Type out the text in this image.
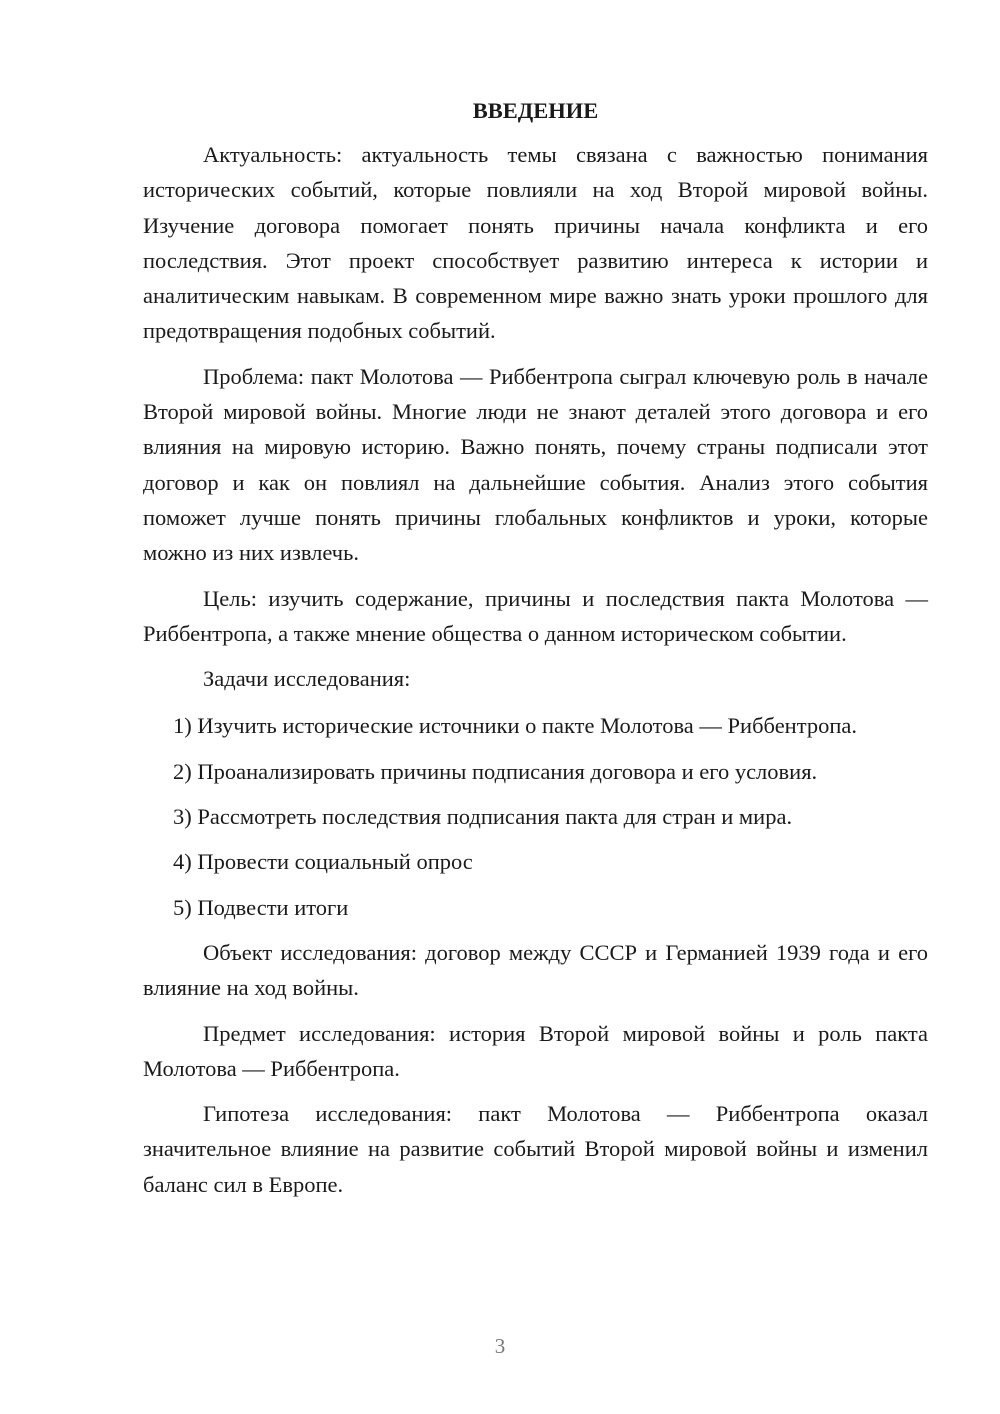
ВВЕДЕНИЕ

Актуальность: актуальность темы связана с важностью понимания исторических событий, которые повлияли на ход Второй мировой войны. Изучение договора помогает понять причины начала конфликта и его последствия. Этот проект способствует развитию интереса к истории и аналитическим навыкам. В современном мире важно знать уроки прошлого для предотвращения подобных событий.

Проблема: пакт Молотова — Риббентропа сыграл ключевую роль в начале Второй мировой войны. Многие люди не знают деталей этого договора и его влияния на мировую историю. Важно понять, почему страны подписали этот договор и как он повлиял на дальнейшие события. Анализ этого события поможет лучше понять причины глобальных конфликтов и уроки, которые можно из них извлечь.

Цель: изучить содержание, причины и последствия пакта Молотова — Риббентропа, а также мнение общества о данном историческом событии.

Задачи исследования:

1) Изучить исторические источники о пакте Молотова — Риббентропа.

2) Проанализировать причины подписания договора и его условия.

3) Рассмотреть последствия подписания пакта для стран и мира.

4) Провести социальный опрос

5) Подвести итоги

Объект исследования: договор между СССР и Германией 1939 года и его влияние на ход войны.

Предмет исследования: история Второй мировой войны и роль пакта Молотова — Риббентропа.

Гипотеза исследования: пакт Молотова — Риббентропа оказал значительное влияние на развитие событий Второй мировой войны и изменил баланс сил в Европе.

3
